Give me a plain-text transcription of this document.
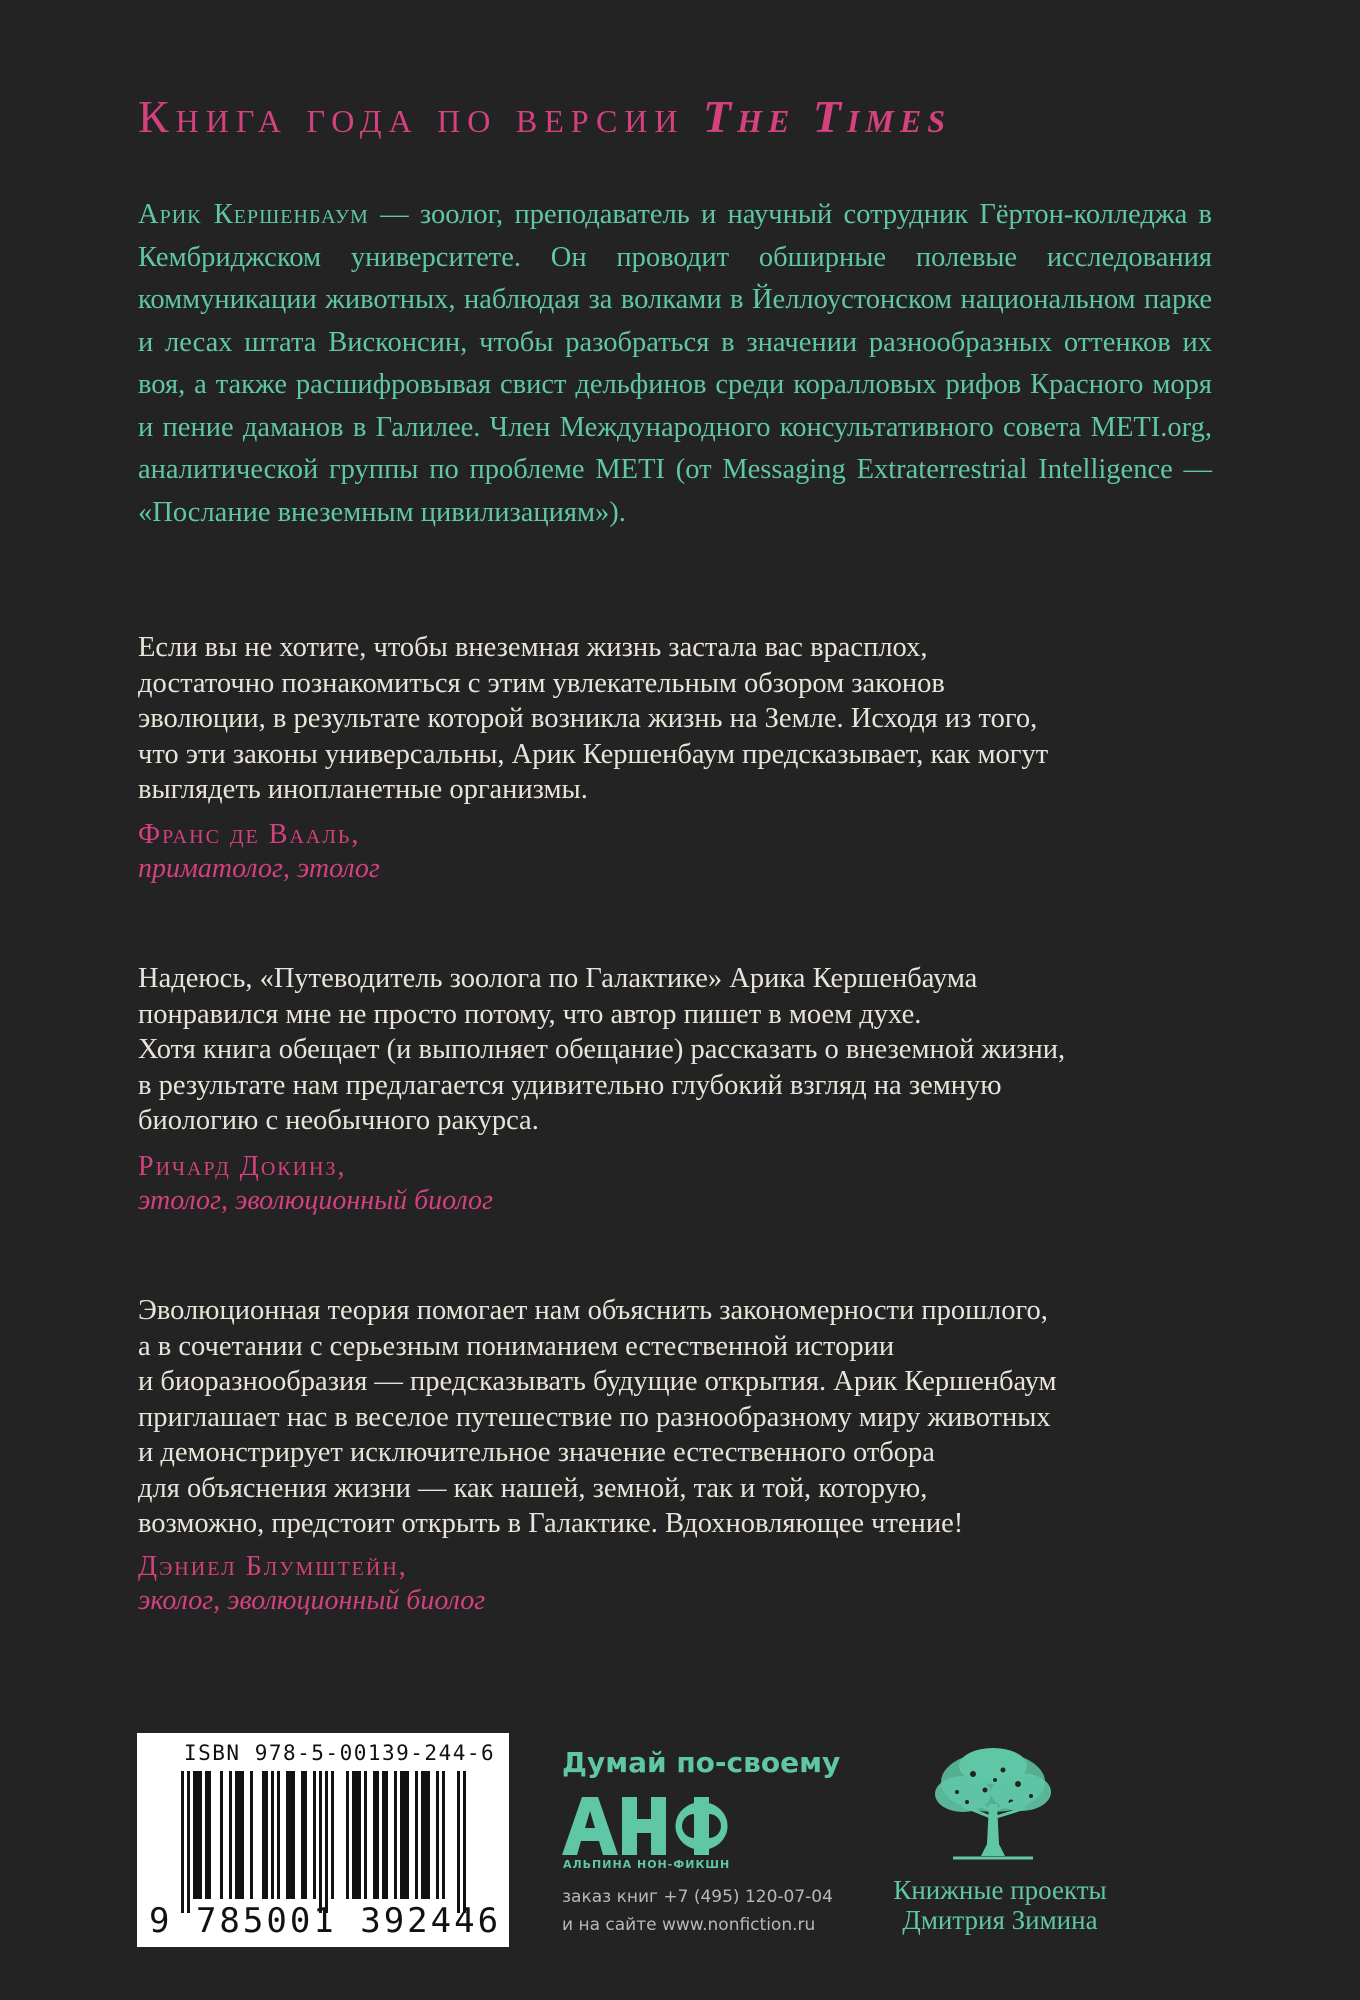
Книга года по версии The Times
Арик Кершенбаум — зоолог, преподаватель и научный сотрудник Гёртон-колледжа в Кембриджском университете. Он проводит обширные полевые исследования коммуникации животных, наблюдая за волками в Йеллоустонском национальном парке и лесах штата Висконсин, чтобы разобраться в значении разнообразных оттенков их воя, а также расшифровывая свист дельфинов среди коралловых рифов Красного моря и пение даманов в Галилее. Член Международного консультативного совета METI.org, аналитической группы по проблеме METI (от Messaging Extraterrestrial Intelligence — «Послание внеземным цивилизациям»).
Если вы не хотите, чтобы внеземная жизнь застала вас врасплох,
достаточно познакомиться с этим увлекательным обзором законов
эволюции, в результате которой возникла жизнь на Земле. Исходя из того,
что эти законы универсальны, Арик Кершенбаум предсказывает, как могут
выглядеть инопланетные организмы.
Франс де Вааль,
приматолог, этолог
Надеюсь, «Путеводитель зоолога по Галактике» Арика Кершенбаума
понравился мне не просто потому, что автор пишет в моем духе.
Хотя книга обещает (и выполняет обещание) рассказать о внеземной жизни,
в результате нам предлагается удивительно глубокий взгляд на земную
биологию с необычного ракурса.
Ричард Докинз,
этолог, эволюционный биолог
Эволюционная теория помогает нам объяснить закономерности прошлого,
а в сочетании с серьезным пониманием естественной истории
и биоразнообразия — предсказывать будущие открытия. Арик Кершенбаум
приглашает нас в веселое путешествие по разнообразному миру животных
и демонстрирует исключительное значение естественного отбора
для объяснения жизни — как нашей, земной, так и той, которую,
возможно, предстоит открыть в Галактике. Вдохновляющее чтение!
Дэниел Блумштейн,
эколог, эволюционный биолог
ISBN 978-5-00139-244-6
9 785001 392446
Думай по-своему
АЛЬПИНА НОН-ФИКШН
заказ книг +7 (495) 120-07-04
и на сайте www.nonfiction.ru
Книжные проекты
Дмитрия Зимина
